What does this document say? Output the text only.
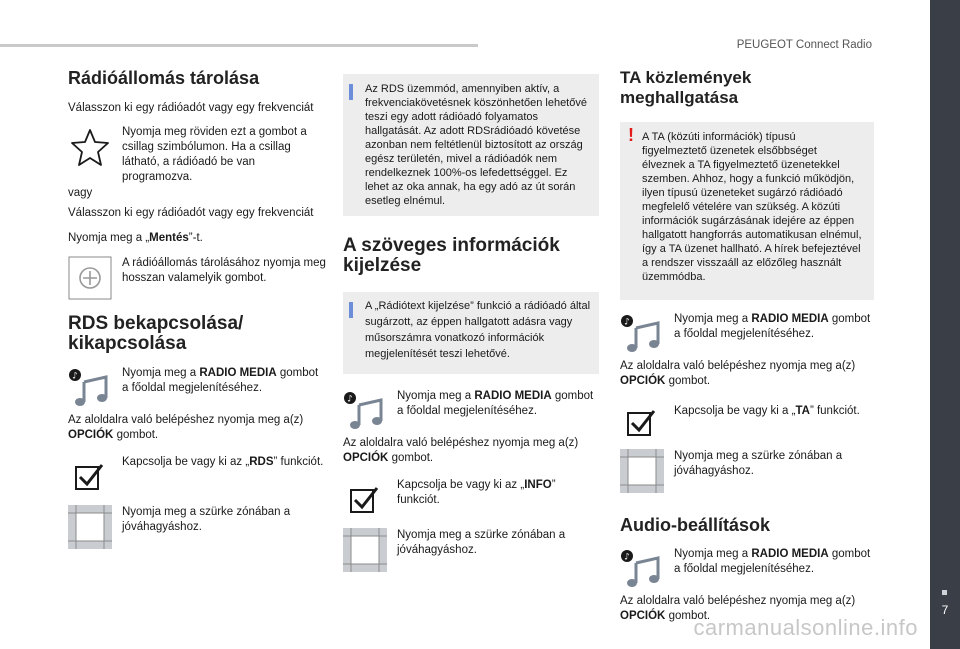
PEUGEOT Connect Radio
7
carmanualsonline.info
Rádióállomás tárolása

Válasszon ki egy rádióadót vagy egy frekvenciát

Nyomja meg röviden ezt a gombot a csillag szimbólumon. Ha a csillag látható, a rádióadó be van programozva.

vagy

Válasszon ki egy rádióadót vagy egy frekvenciát

Nyomja meg a „Mentés”-t.

A rádióállomás tárolásához nyomja meg hosszan valamelyik gombot.
RDS bekapcsolása/ kikapcsolása
♪	Nyomja meg a RADIO MEDIA gombot a főoldal megjelenítéséhez.

Az aloldalra való belépéshez nyomja meg a(z) OPCIÓK gombot.

Kapcsolja be vagy ki az „RDS” funkciót.
Nyomja meg a szürke zónában a jóváhagyáshoz.
Az RDS üzemmód, amennyiben aktív, a frekvenciakövetésnek köszönhetően lehetővé teszi egy adott rádióadó folyamatos hallgatását. Az adott RDSrádióadó követése azonban nem feltétlenül biztosított az ország egész területén, mivel a rádióadók nem rendelkeznek 100%-os lefedettséggel. Ez lehet az oka annak, ha egy adó az út során esetleg elnémul.
A szöveges információk kijelzése
A „Rádiótext kijelzése” funkció a rádióadó által sugárzott, az éppen hallgatott adásra vagy műsorszámra vonatkozó információk megjelenítését teszi lehetővé.
♪	Nyomja meg a RADIO MEDIA gombot a főoldal megjelenítéséhez.

Az aloldalra való belépéshez nyomja meg a(z) OPCIÓK gombot.

Kapcsolja be vagy ki az „INFO” funkciót.
Nyomja meg a szürke zónában a jóváhagyáshoz.
TA közlemények meghallgatása
! A TA (közúti információk) típusú figyelmeztető üzenetek elsőbbséget élveznek a TA figyelmeztető üzenetekkel szemben. Ahhoz, hogy a funkció működjön, ilyen típusú üzeneteket sugárzó rádióadó megfelelő vételére van szükség. A közúti információk sugárzásának idejére az éppen hallgatott hangforrás automatikusan elnémul, így a TA üzenet hallható. A hírek befejeztével a rendszer visszaáll az előzőleg használt üzemmódba.
♪	Nyomja meg a RADIO MEDIA gombot a főoldal megjelenítéséhez.

Az aloldalra való belépéshez nyomja meg a(z) OPCIÓK gombot.

Kapcsolja be vagy ki a „TA” funkciót.
Nyomja meg a szürke zónában a jóváhagyáshoz.
Audio-beállítások
♪	Nyomja meg a RADIO MEDIA gombot a főoldal megjelenítéséhez.

Az aloldalra való belépéshez nyomja meg a(z) OPCIÓK gombot.
